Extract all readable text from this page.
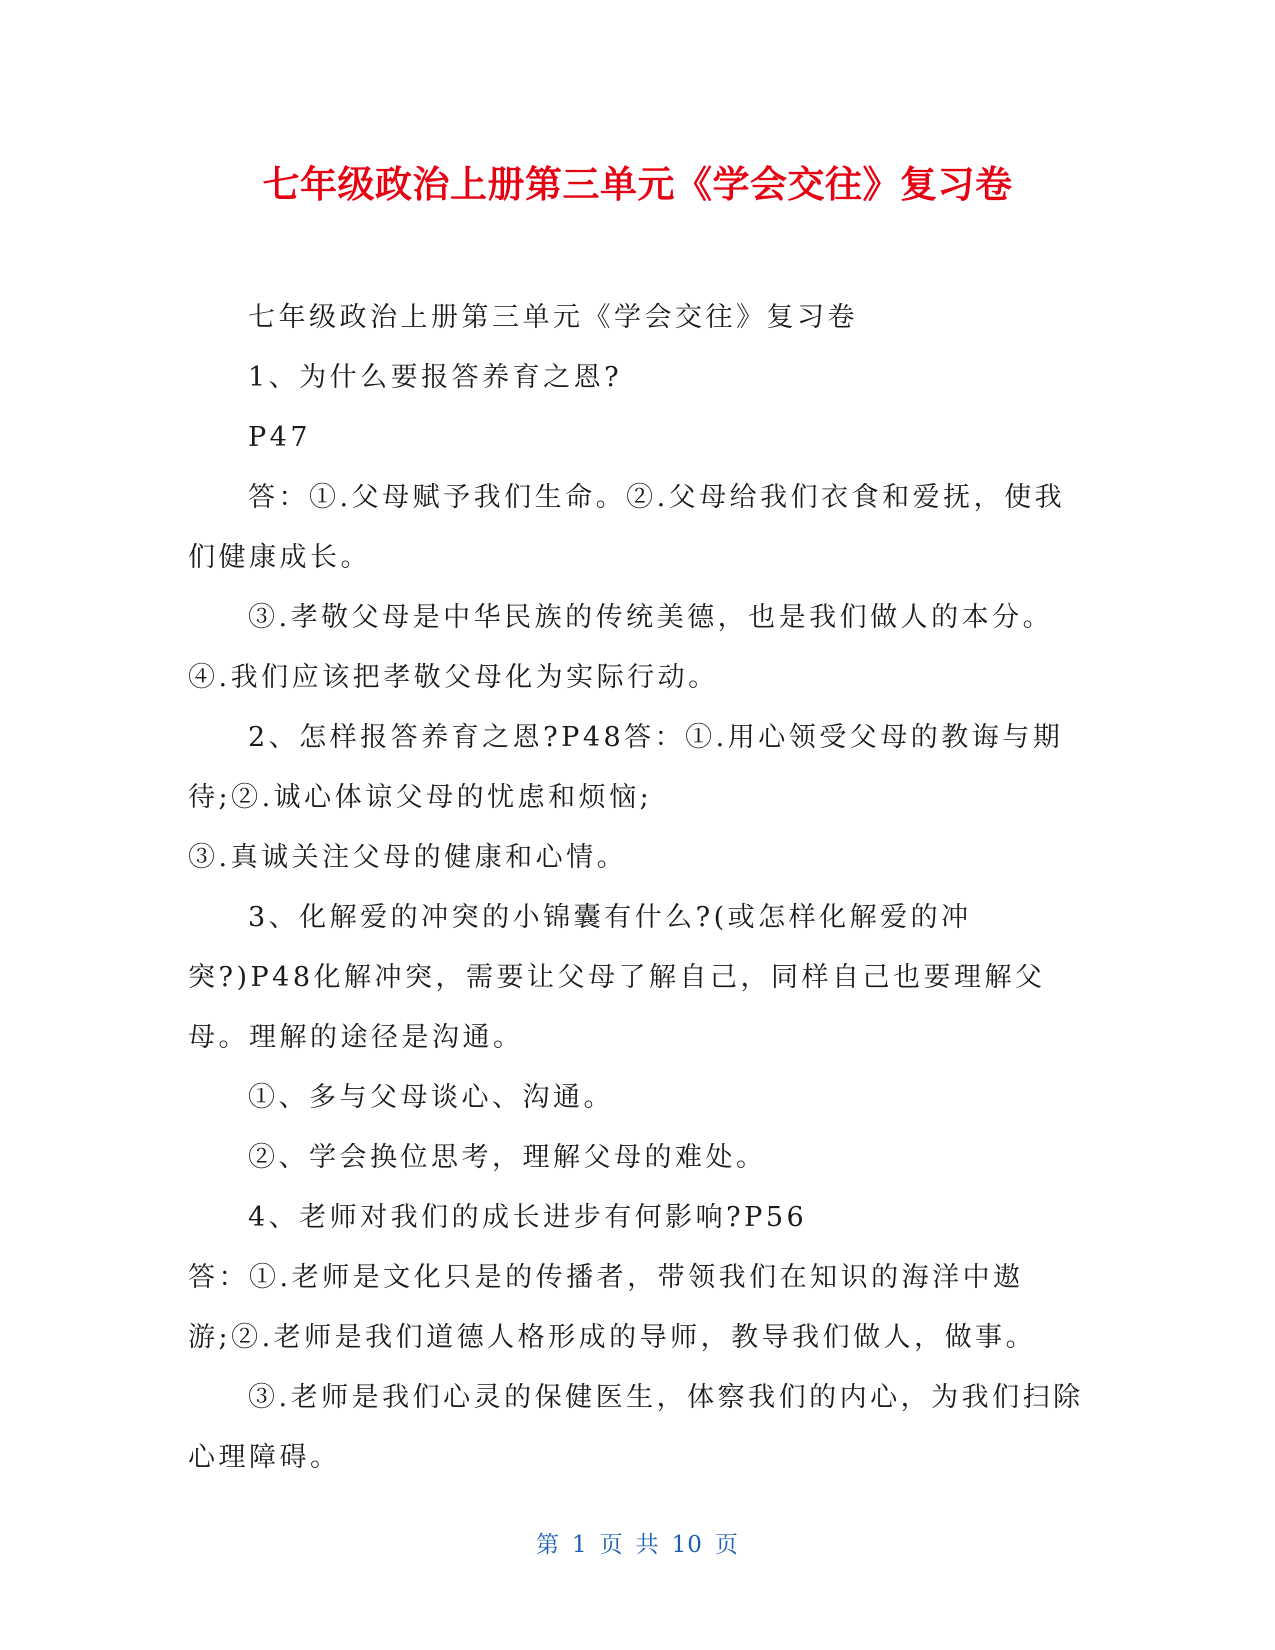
七年级政治上册第三单元《学会交往》复习卷

七年级政治上册第三单元《学会交往》复习卷

1、为什么要报答养育之恩?

P47

答：①.父母赋予我们生命。②.父母给我们衣食和爱抚，使我们健康成长。

③.孝敬父母是中华民族的传统美德，也是我们做人的本分。④.我们应该把孝敬父母化为实际行动。

2、怎样报答养育之恩?P48答：①.用心领受父母的教诲与期待;②.诚心体谅父母的忧虑和烦恼;

③.真诚关注父母的健康和心情。

3、化解爱的冲突的小锦囊有什么?(或怎样化解爱的冲突?)P48化解冲突，需要让父母了解自己，同样自己也要理解父母。理解的途径是沟通。

①、多与父母谈心、沟通。

②、学会换位思考，理解父母的难处。

4、老师对我们的成长进步有何影响?P56

答：①.老师是文化只是的传播者，带领我们在知识的海洋中遨游;②.老师是我们道德人格形成的导师，教导我们做人，做事。

③.老师是我们心灵的保健医生，体察我们的内心，为我们扫除心理障碍。

第 1 页 共 10 页
